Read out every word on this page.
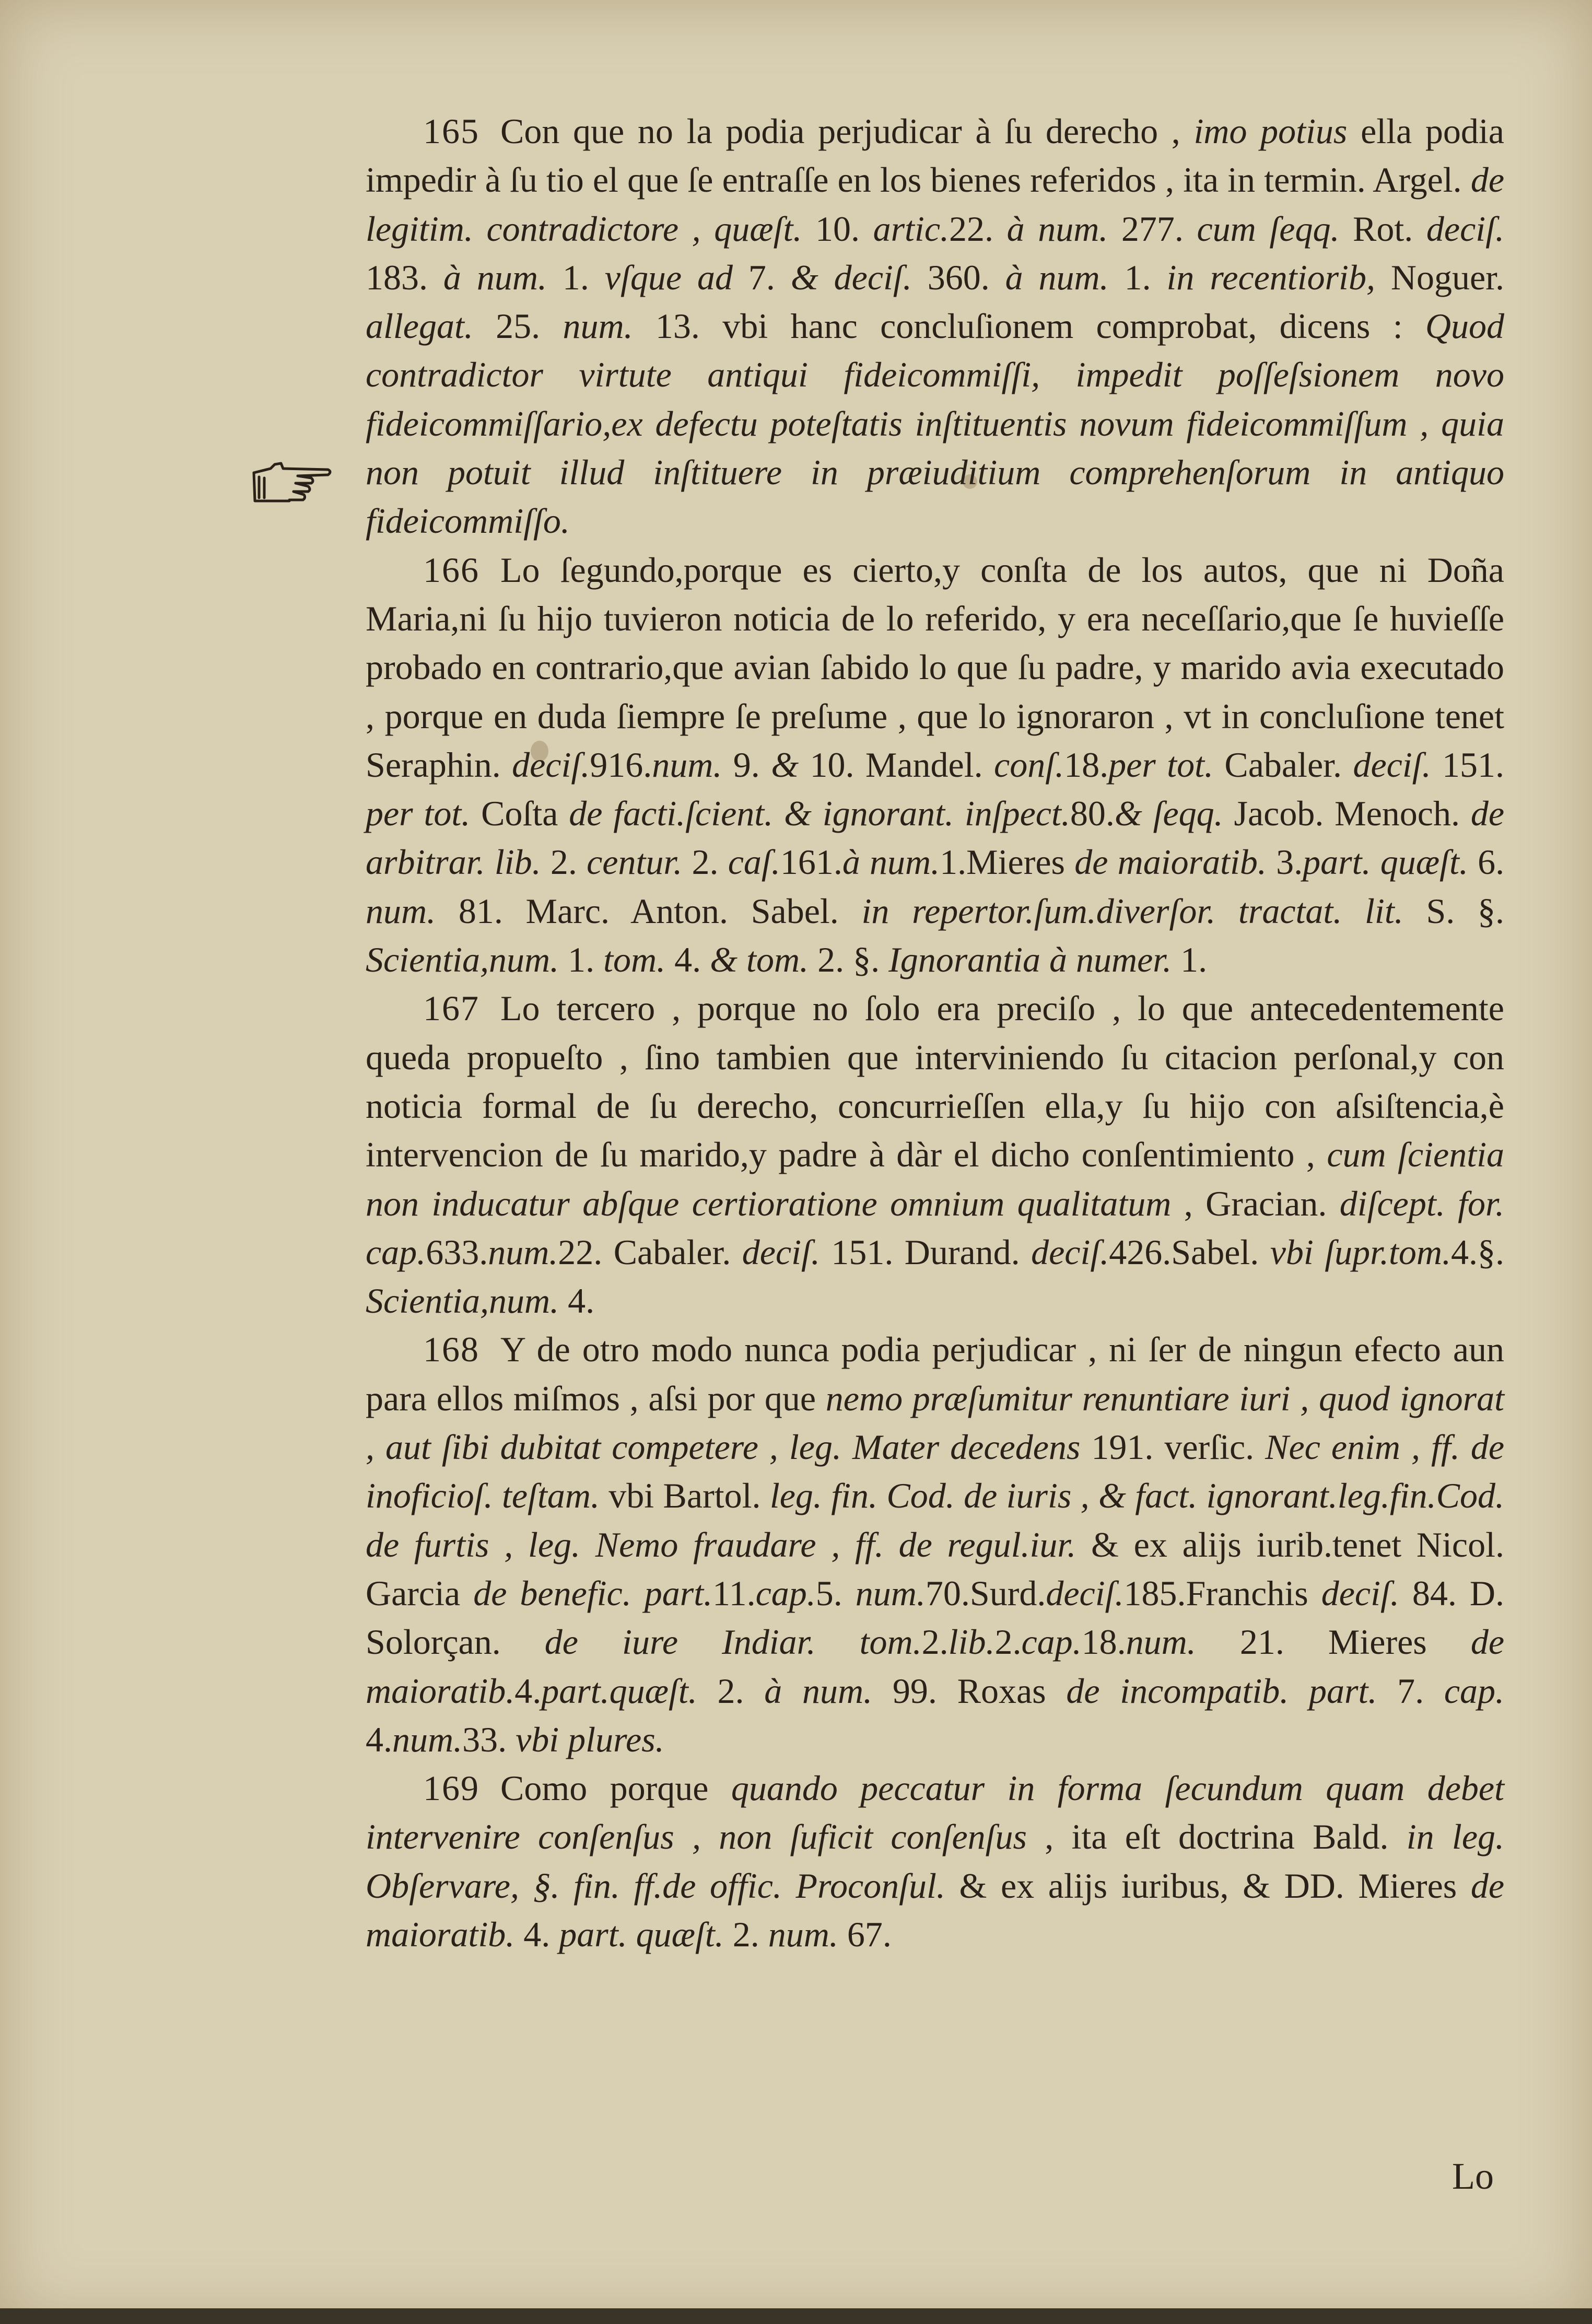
165 Con que no la podia perjudicar à ſu derecho , imo potius ella podia impedir à ſu tio el que ſe entraſſe en los bienes referidos , ita in termin. Argel. de legitim. contradictore , quæſt. 10. artic.22. à num. 277. cum ſeqq. Rot. deciſ. 183. à num. 1. vſque ad 7. & deciſ. 360. à num. 1. in recentiorib, Noguer. allegat. 25. num. 13. vbi hanc concluſionem comprobat, dicens : Quod contradictor virtute antiqui fideicommiſſi, impedit poſſeſsionem novo fideicommiſſario,ex defectu poteſtatis inſtituentis novum fideicommiſſum , quia non potuit illud inſtituere in præiuditium comprehenſorum in antiquo fideicommiſſo.

166 Lo ſegundo,porque es cierto,y conſta de los autos, que ni Doña Maria,ni ſu hijo tuvieron noticia de lo referido, y era neceſſario,que ſe huvieſſe probado en contrario,que avian ſabido lo que ſu padre, y marido avia executado , porque en duda ſiempre ſe preſume , que lo ignoraron , vt in concluſione tenet Seraphin. deciſ.916.num. 9. & 10. Mandel. conſ.18.per tot. Cabaler. deciſ. 151. per tot. Coſta de facti.ſcient. & ignorant. inſpect.80.& ſeqq. Jacob. Menoch. de arbitrar. lib. 2. centur. 2. caſ.161.à num.1.Mieres de maioratib. 3.part. quæſt. 6. num. 81. Marc. Anton. Sabel. in repertor.ſum.diverſor. tractat. lit. S. §. Scientia,num. 1. tom. 4. & tom. 2. §. Ignorantia à numer. 1.

167 Lo tercero , porque no ſolo era preciſo , lo que antecedentemente queda propueſto , ſino tambien que interviniendo ſu citacion perſonal,y con noticia formal de ſu derecho, concurrieſſen ella,y ſu hijo con aſsiſtencia,è intervencion de ſu marido,y padre à dàr el dicho conſentimiento , cum ſcientia non inducatur abſque certioratione omnium qualitatum , Gracian. diſcept. for. cap.633.num.22. Cabaler. deciſ. 151. Durand. deciſ.426.Sabel. vbi ſupr.tom.4.§. Scientia,num. 4.

168 Y de otro modo nunca podia perjudicar , ni ſer de ningun efecto aun para ellos miſmos , aſsi por que nemo præſumitur renuntiare iuri , quod ignorat , aut ſibi dubitat competere , leg. Mater decedens 191. verſic. Nec enim , ff. de inoficioſ. teſtam. vbi Bartol. leg. fin. Cod. de iuris , & fact. ignorant.leg.fin.Cod. de furtis , leg. Nemo fraudare , ff. de regul.iur. & ex alijs iurib.tenet Nicol. Garcia de benefic. part.11.cap.5. num.70.Surd.deciſ.185.Franchis deciſ. 84. D. Solorçan. de iure Indiar. tom.2.lib.2.cap.18.num. 21. Mieres de maioratib.4.part.quæſt. 2. à num. 99. Roxas de incompatib. part. 7. cap. 4.num.33. vbi plures.

169 Como porque quando peccatur in forma ſecundum quam debet intervenire conſenſus , non ſuficit conſenſus , ita eſt doctrina Bald. in leg. Obſervare, §. fin. ff.de offic. Proconſul. & ex alijs iuribus, & DD. Mieres de maioratib. 4. part. quæſt. 2. num. 67.

Lo
